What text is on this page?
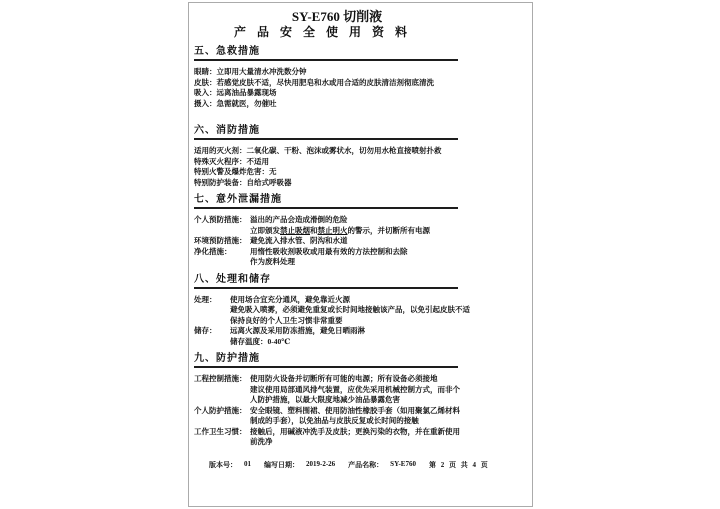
SY-E760 切削液
产品安全使用资料
五、急救措施
眼睛：立即用大量清水冲洗数分钟
皮肤：若感觉皮肤不适，尽快用肥皂和水或用合适的皮肤清洁剂彻底清洗
吸入：远离油品暴露现场
摄入：急需就医，勿催吐
六、消防措施
适用的灭火剂：二氧化碳、干粉、泡沫或雾状水，切勿用水枪直接喷射扑救
特殊灭火程序：不适用
特别火警及爆炸危害：无
特别防护装备：自给式呼吸器
七、意外泄漏措施
个人预防措施： 溢出的产品会造成滑倒的危险
立即颁发禁止吸烟和禁止明火的警示，并切断所有电源
环境预防措施： 避免流入排水管、阴沟和水道
净化措施：	用惰性吸收剂吸收或用最有效的方法控制和去除
作为废料处理
八、处理和储存
处理：	使用场合宜充分通风，避免靠近火源
避免吸入喷雾，必须避免重复或长时间地接触该产品，以免引起皮肤不适
保持良好的个人卫生习惯非常重要
储存：	远离火源及采用防冻措施，避免日晒雨淋
储存温度：0-40℃
九、防护措施
工程控制措施： 使用防火设备并切断所有可能的电源；所有设备必须接地
建议使用局部通风排气装置，应优先采用机械控制方式，而非个
人防护措施，以最大限度地减少油品暴露危害
个人防护措施： 安全眼镜、塑料围裙、使用防油性橡胶手套（如用聚氯乙烯材料
制成的手套），以免油品与皮肤反复或长时间的接触
工作卫生习惯： 接触后，用碱液冲洗手及皮肤；更换污染的衣物，并在重新使用
前洗净
版本号： 01 编写日期： 2019-2-26 产品名称： SY-E760 第 2 页 共 4 页
